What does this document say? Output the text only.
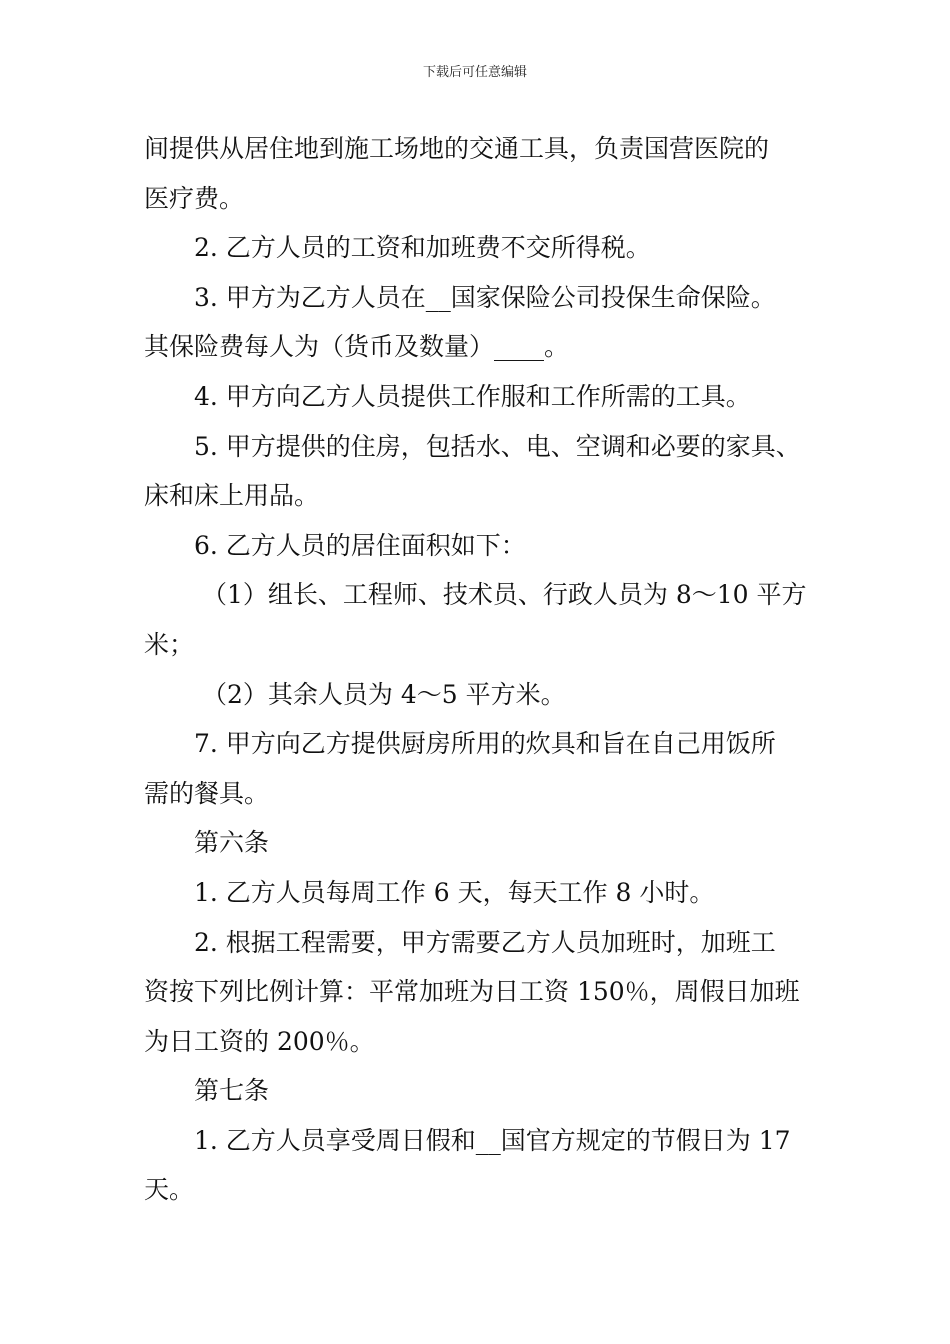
下载后可任意编辑
间提供从居住地到施工场地的交通工具，负责国营医院的
医疗费。
2. 乙方人员的工资和加班费不交所得税。
3. 甲方为乙方人员在__国家保险公司投保生命保险。
其保险费每人为（货币及数量）____。
4. 甲方向乙方人员提供工作服和工作所需的工具。
5. 甲方提供的住房，包括水、电、空调和必要的家具、
床和床上用品。
6. 乙方人员的居住面积如下：
（1）组长、工程师、技术员、行政人员为 8～10 平方
米；
（2）其余人员为 4～5 平方米。
7. 甲方向乙方提供厨房所用的炊具和旨在自己用饭所
需的餐具。
第六条
1. 乙方人员每周工作 6 天，每天工作 8 小时。
2. 根据工程需要，甲方需要乙方人员加班时，加班工
资按下列比例计算：平常加班为日工资 150％，周假日加班
为日工资的 200％。
第七条
1. 乙方人员享受周日假和__国官方规定的节假日为 17
天。
